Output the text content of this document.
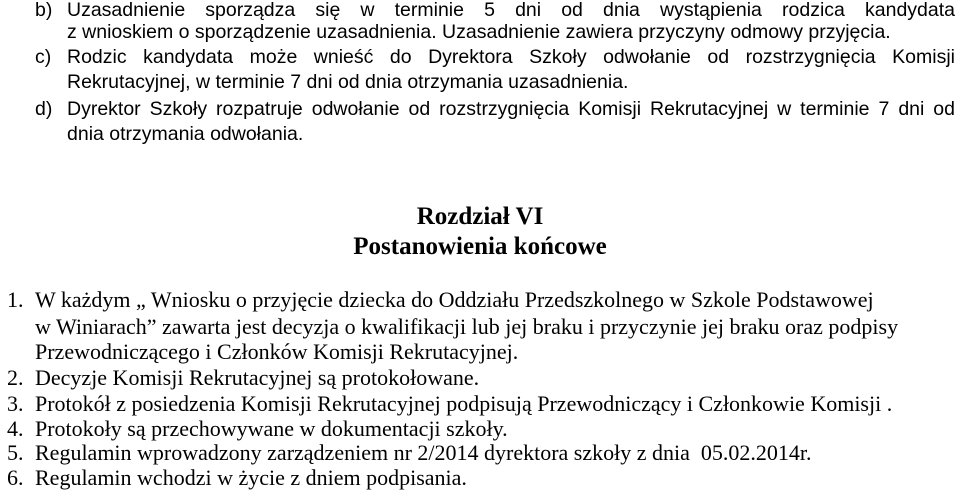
b) Uzasadnienie sporządza się w terminie 5 dni od dnia wystąpienia rodzica kandydata
z wnioskiem o sporządzenie uzasadnienia. Uzasadnienie zawiera przyczyny odmowy przyjęcia.
c) Rodzic kandydata może wnieść do Dyrektora Szkoły odwołanie od rozstrzygnięcia Komisji
Rekrutacyjnej, w terminie 7 dni od dnia otrzymania uzasadnienia.
d) Dyrektor Szkoły rozpatruje odwołanie od rozstrzygnięcia Komisji Rekrutacyjnej w terminie 7 dni od
dnia otrzymania odwołania.
Rozdział VI
Postanowienia końcowe
1. W każdym „ Wniosku o przyjęcie dziecka do Oddziału Przedszkolnego w Szkole Podstawowej
w Winiarach” zawarta jest decyzja o kwalifikacji lub jej braku i przyczynie jej braku oraz podpisy
Przewodniczącego i Członków Komisji Rekrutacyjnej.
2. Decyzje Komisji Rekrutacyjnej są protokołowane.
3. Protokół z posiedzenia Komisji Rekrutacyjnej podpisują Przewodniczący i Członkowie Komisji .
4. Protokoły są przechowywane w dokumentacji szkoły.
5. Regulamin wprowadzony zarządzeniem nr 2/2014 dyrektora szkoły z dnia  05.02.2014r.
6. Regulamin wchodzi w życie z dniem podpisania.
